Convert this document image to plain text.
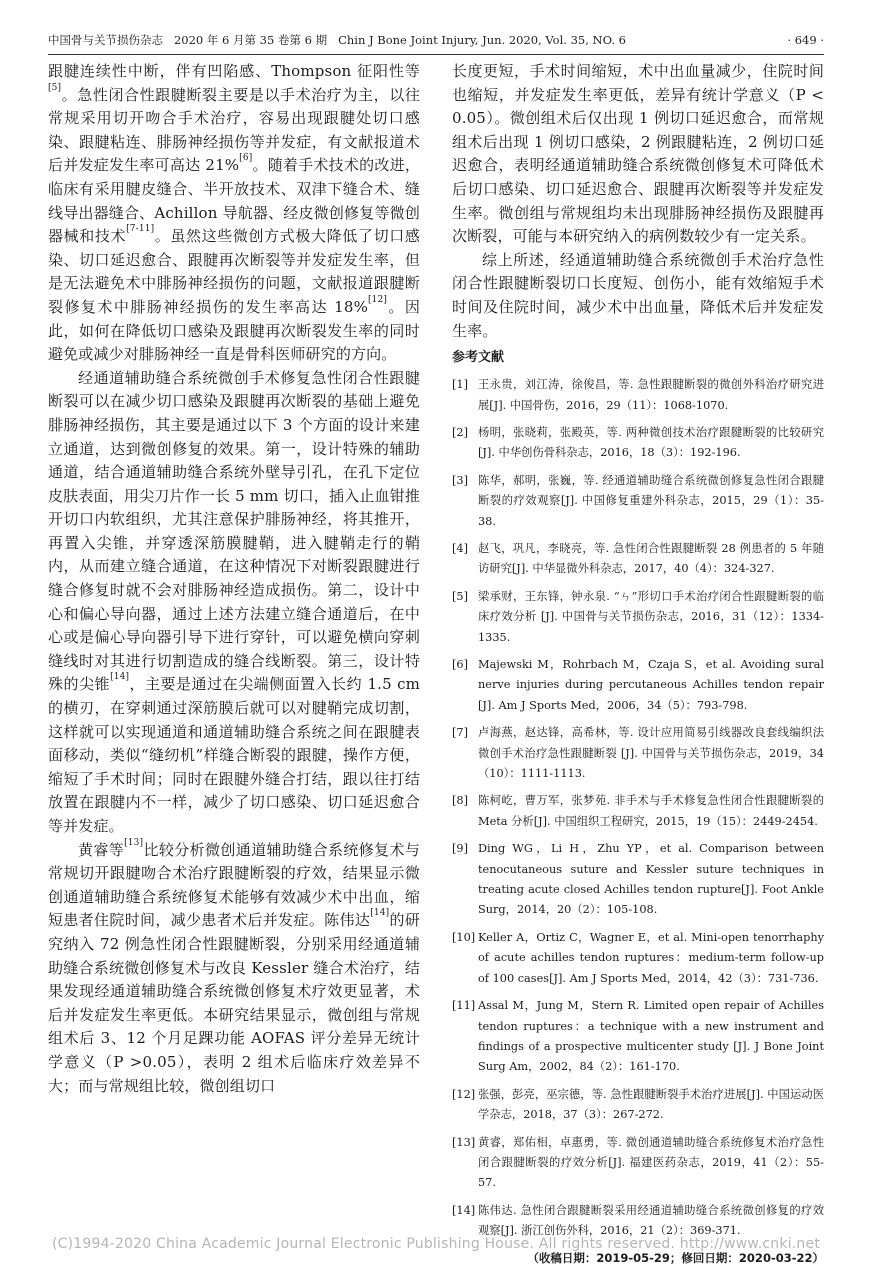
中国骨与关节损伤杂志 2020 年 6 月第 35 卷第 6 期 Chin J Bone Joint Injury, Jun. 2020, Vol. 35, NO. 6	· 649 ·

跟腱连续性中断，伴有凹陷感、Thompson 征阳性等[5]。急性闭合性跟腱断裂主要是以手术治疗为主，以往常规采用切开吻合手术治疗，容易出现跟腱处切口感染、跟腱粘连、腓肠神经损伤等并发症，有文献报道术后并发症发生率可高达 21%[6]。随着手术技术的改进，临床有采用腱皮缝合、半开放技术、双津下缝合术、缝线导出器缝合、Achillon 导航器、经皮微创修复等微创器械和技术[7-11]。虽然这些微创方式极大降低了切口感染、切口延迟愈合、跟腱再次断裂等并发症发生率，但是无法避免术中腓肠神经损伤的问题，文献报道跟腱断裂修复术中腓肠神经损伤的发生率高达 18%[12]。因此，如何在降低切口感染及跟腱再次断裂发生率的同时避免或减少对腓肠神经一直是骨科医师研究的方向。

经通道辅助缝合系统微创手术修复急性闭合性跟腱断裂可以在减少切口感染及跟腱再次断裂的基础上避免腓肠神经损伤，其主要是通过以下 3 个方面的设计来建立通道，达到微创修复的效果。第一，设计特殊的辅助通道，结合通道辅助缝合系统外壁导引孔，在孔下定位皮肤表面，用尖刀片作一长 5 mm 切口，插入止血钳推开切口内软组织，尤其注意保护腓肠神经，将其推开，再置入尖锥，并穿透深筋膜腱鞘，进入腱鞘走行的鞘内，从而建立缝合通道，在这种情况下对断裂跟腱进行缝合修复时就不会对腓肠神经造成损伤。第二，设计中心和偏心导向器，通过上述方法建立缝合通道后，在中心或是偏心导向器引导下进行穿针，可以避免横向穿刺缝线时对其进行切割造成的缝合线断裂。第三，设计特殊的尖锥[14]，主要是通过在尖端侧面置入长约 1.5 cm 的横刃，在穿刺通过深筋膜后就可以对腱鞘完成切割，这样就可以实现通道和通道辅助缝合系统之间在跟腱表面移动，类似“缝纫机”样缝合断裂的跟腱，操作方便，缩短了手术时间；同时在跟腱外缝合打结，跟以往打结放置在跟腱内不一样，减少了切口感染、切口延迟愈合等并发症。

黄睿等[13]比较分析微创通道辅助缝合系统修复术与常规切开跟腱吻合术治疗跟腱断裂的疗效，结果显示微创通道辅助缝合系统修复术能够有效减少术中出血，缩短患者住院时间，减少患者术后并发症。陈伟达[14]的研究纳入 72 例急性闭合性跟腱断裂，分别采用经通道辅助缝合系统微创修复术与改良 Kessler 缝合术治疗，结果发现经通道辅助缝合系统微创修复术疗效更显著，术后并发症发生率更低。本研究结果显示，微创组与常规组术后 3、12 个月足踝功能 AOFAS 评分差异无统计学意义（P >0.05），表明 2 组术后临床疗效差异不大；而与常规组比较，微创组切口

长度更短，手术时间缩短，术中出血量减少，住院时间也缩短，并发症发生率更低，差异有统计学意义（P < 0.05）。微创组术后仅出现 1 例切口延迟愈合，而常规组术后出现 1 例切口感染，2 例跟腱粘连，2 例切口延迟愈合，表明经通道辅助缝合系统微创修复术可降低术后切口感染、切口延迟愈合、跟腱再次断裂等并发症发生率。微创组与常规组均未出现腓肠神经损伤及跟腱再次断裂，可能与本研究纳入的病例数较少有一定关系。

综上所述，经通道辅助缝合系统微创手术治疗急性闭合性跟腱断裂切口长度短、创伤小，能有效缩短手术时间及住院时间，减少术中出血量，降低术后并发症发生率。

参考文献
[1] 王永贵，刘江涛，徐俊昌，等. 急性跟腱断裂的微创外科治疗研究进展[J]. 中国骨伤，2016，29（11）：1068-1070.
[2] 杨明，张晓莉，张殿英，等. 两种微创技术治疗跟腱断裂的比较研究[J]. 中华创伤骨科杂志，2016，18（3）：192-196.
[3] 陈华，郝明，张巍，等. 经通道辅助缝合系统微创修复急性闭合跟腱断裂的疗效观察[J]. 中国修复重建外科杂志，2015，29（1）：35-38.
[4] 赵飞，巩凡，李晓亮，等. 急性闭合性跟腱断裂 28 例患者的 5 年随访研究[J]. 中华显微外科杂志，2017，40（4）：324-327.
[5] 梁承财，王东锋，钟永泉. “ㄣ”形切口手术治疗闭合性跟腱断裂的临床疗效分析 [J]. 中国骨与关节损伤杂志，2016，31（12）：1334-1335.
[6] Majewski M，Rohrbach M，Czaja S，et al. Avoiding sural nerve injuries during percutaneous Achilles tendon repair [J]. Am J Sports Med，2006，34（5）：793-798.
[7] 卢海燕，赵达锋，高希林，等. 设计应用简易引线器改良套线编织法微创手术治疗急性跟腱断裂 [J]. 中国骨与关节损伤杂志，2019，34（10）：1111-1113.
[8] 陈柯屹，曹万军，张梦苑. 非手术与手术修复急性闭合性跟腱断裂的 Meta 分析[J]. 中国组织工程研究，2015，19（15）：2449-2454.
[9] Ding WG，Li H，Zhu YP，et al. Comparison between tenocutaneous suture and Kessler suture techniques in treating acute closed Achilles tendon rupture[J]. Foot Ankle Surg，2014，20（2）：105-108.
[10] Keller A，Ortiz C，Wagner E，et al. Mini-open tenorrhaphy of acute achilles tendon ruptures：medium-term follow-up of 100 cases[J]. Am J Sports Med，2014，42（3）：731-736.
[11] Assal M，Jung M，Stern R. Limited open repair of Achilles tendon ruptures：a technique with a new instrument and findings of a prospective multicenter study [J]. J Bone Joint Surg Am，2002，84（2）：161-170.
[12] 张强，彭亮，巫宗德，等. 急性跟腱断裂手术治疗进展[J]. 中国运动医学杂志，2018，37（3）：267-272.
[13] 黄睿，郑佑相，卓惠勇，等. 微创通道辅助缝合系统修复术治疗急性闭合跟腱断裂的疗效分析[J]. 福建医药杂志，2019，41（2）：55-57.
[14] 陈伟达. 急性闭合跟腱断裂采用经通道辅助缝合系统微创修复的疗效观察[J]. 浙江创伤外科，2016，21（2）：369-371.
（收稿日期：2019-05-29；修回日期：2020-03-22）
(C)1994-2020 China Academic Journal Electronic Publishing House. All rights reserved. http://www.cnki.net
